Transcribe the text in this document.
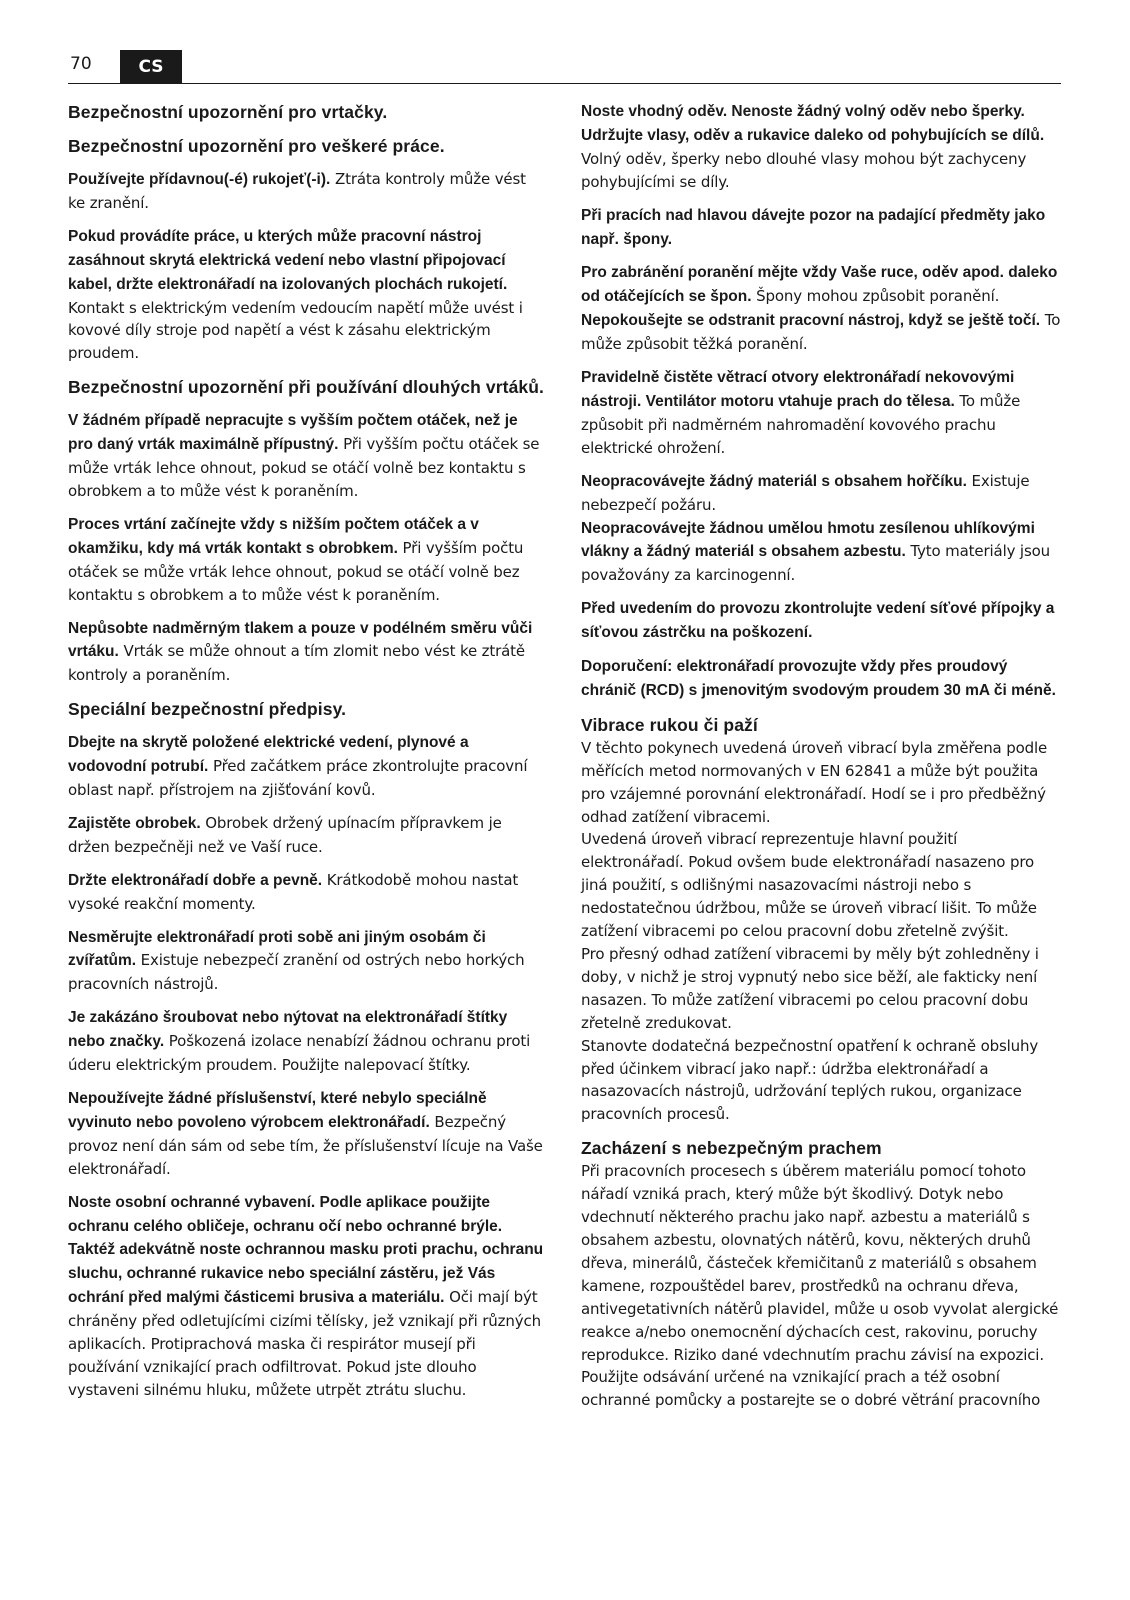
70	CS
Bezpečnostní upozornění pro vrtačky.
Bezpečnostní upozornění pro veškeré práce.

Používejte přídavnou(-é) rukojeť(-i). Ztráta kontroly může vést ke zranění.

Pokud provádíte práce, u kterých může pracovní nástroj zasáhnout skrytá elektrická vedení nebo vlastní připojovací kabel, držte elektronářadí na izolovaných plochách rukojetí. Kontakt s elektrickým vedením vedoucím napětí může uvést i kovové díly stroje pod napětí a vést k zásahu elektrickým proudem.

Bezpečnostní upozornění při používání dlouhých vrtáků.

V žádném případě nepracujte s vyšším počtem otáček, než je pro daný vrták maximálně přípustný. Při vyšším počtu otáček se může vrták lehce ohnout, pokud se otáčí volně bez kontaktu s obrobkem a to může vést k poraněním.

Proces vrtání začínejte vždy s nižším počtem otáček a v okamžiku, kdy má vrták kontakt s obrobkem. Při vyšším počtu otáček se může vrták lehce ohnout, pokud se otáčí volně bez kontaktu s obrobkem a to může vést k poraněním.

Nepůsobte nadměrným tlakem a pouze v podélném směru vůči vrtáku. Vrták se může ohnout a tím zlomit nebo vést ke ztrátě kontroly a poraněním.

Speciální bezpečnostní předpisy.

Dbejte na skrytě položené elektrické vedení, plynové a vodovodní potrubí. Před začátkem práce zkontrolujte pracovní oblast např. přístrojem na zjišťování kovů.

Zajistěte obrobek. Obrobek držený upínacím přípravkem je držen bezpečněji než ve Vaší ruce.

Držte elektronářadí dobře a pevně. Krátkodobě mohou nastat vysoké reakční momenty.

Nesměrujte elektronářadí proti sobě ani jiným osobám či zvířatům. Existuje nebezpečí zranění od ostrých nebo horkých pracovních nástrojů.

Je zakázáno šroubovat nebo nýtovat na elektronářadí štítky nebo značky. Poškozená izolace nenabízí žádnou ochranu proti úderu elektrickým proudem. Použijte nalepovací štítky.

Nepoužívejte žádné příslušenství, které nebylo speciálně vyvinuto nebo povoleno výrobcem elektronářadí. Bezpečný provoz není dán sám od sebe tím, že příslušenství lícuje na Vaše elektronářadí.

Noste osobní ochranné vybavení. Podle aplikace použijte ochranu celého obličeje, ochranu očí nebo ochranné brýle. Taktéž adekvátně noste ochrannou masku proti prachu, ochranu sluchu, ochranné rukavice nebo speciální zástěru, jež Vás ochrání před malými částicemi brusiva a materiálu. Oči mají být chráněny před odletujícími cizími tělísky, jež vznikají při různých aplikacích. Protiprachová maska či respirátor musejí při používání vznikající prach odfiltrovat. Pokud jste dlouho vystaveni silnému hluku, můžete utrpět ztrátu sluchu.

Noste vhodný oděv. Nenoste žádný volný oděv nebo šperky. Udržujte vlasy, oděv a rukavice daleko od pohybujících se dílů. Volný oděv, šperky nebo dlouhé vlasy mohou být zachyceny pohybujícími se díly.

Při pracích nad hlavou dávejte pozor na padající předměty jako např. špony.

Pro zabránění poranění mějte vždy Vaše ruce, oděv apod. daleko od otáčejících se špon. Špony mohou způsobit poranění.

Nepokoušejte se odstranit pracovní nástroj, když se ještě točí. To může způsobit těžká poranění.

Pravidelně čistěte větrací otvory elektronářadí nekovovými nástroji. Ventilátor motoru vtahuje prach do tělesa. To může způsobit při nadměrném nahromadění kovového prachu elektrické ohrožení.

Neopracovávejte žádný materiál s obsahem hořčíku. Existuje nebezpečí požáru.

Neopracovávejte žádnou umělou hmotu zesílenou uhlíkovými vlákny a žádný materiál s obsahem azbestu. Tyto materiály jsou považovány za karcinogenní.

Před uvedením do provozu zkontrolujte vedení síťové přípojky a síťovou zástrčku na poškození.

Doporučení: elektronářadí provozujte vždy přes proudový chránič (RCD) s jmenovitým svodovým proudem 30 mA či méně.

Vibrace rukou či paží

V těchto pokynech uvedená úroveň vibrací byla změřena podle měřících metod normovaných v EN 62841 a může být použita pro vzájemné porovnání elektronářadí. Hodí se i pro předběžný odhad zatížení vibracemi.

Uvedená úroveň vibrací reprezentuje hlavní použití elektronářadí. Pokud ovšem bude elektronářadí nasazeno pro jiná použití, s odlišnými nasazovacími nástroji nebo s nedostatečnou údržbou, může se úroveň vibrací lišit. To může zatížení vibracemi po celou pracovní dobu zřetelně zvýšit.

Pro přesný odhad zatížení vibracemi by měly být zohledněny i doby, v nichž je stroj vypnutý nebo sice běží, ale fakticky není nasazen. To může zatížení vibracemi po celou pracovní dobu zřetelně zredukovat.

Stanovte dodatečná bezpečnostní opatření k ochraně obsluhy před účinkem vibrací jako např.: údržba elektronářadí a nasazovacích nástrojů, udržování teplých rukou, organizace pracovních procesů.

Zacházení s nebezpečným prachem

Při pracovních procesech s úběrem materiálu pomocí tohoto nářadí vzniká prach, který může být škodlivý. Dotyk nebo vdechnutí některého prachu jako např. azbestu a materiálů s obsahem azbestu, olovnatých nátěrů, kovu, některých druhů dřeva, minerálů, částeček křemičitanů z materiálů s obsahem kamene, rozpouštědel barev, prostředků na ochranu dřeva, antivegetativních nátěrů plavidel, může u osob vyvolat alergické reakce a/nebo onemocnění dýchacích cest, rakovinu, poruchy reprodukce. Riziko dané vdechnutím prachu závisí na expozici. Použijte odsávání určené na vznikající prach a též osobní ochranné pomůcky a postarejte se o dobré větrání pracovního
